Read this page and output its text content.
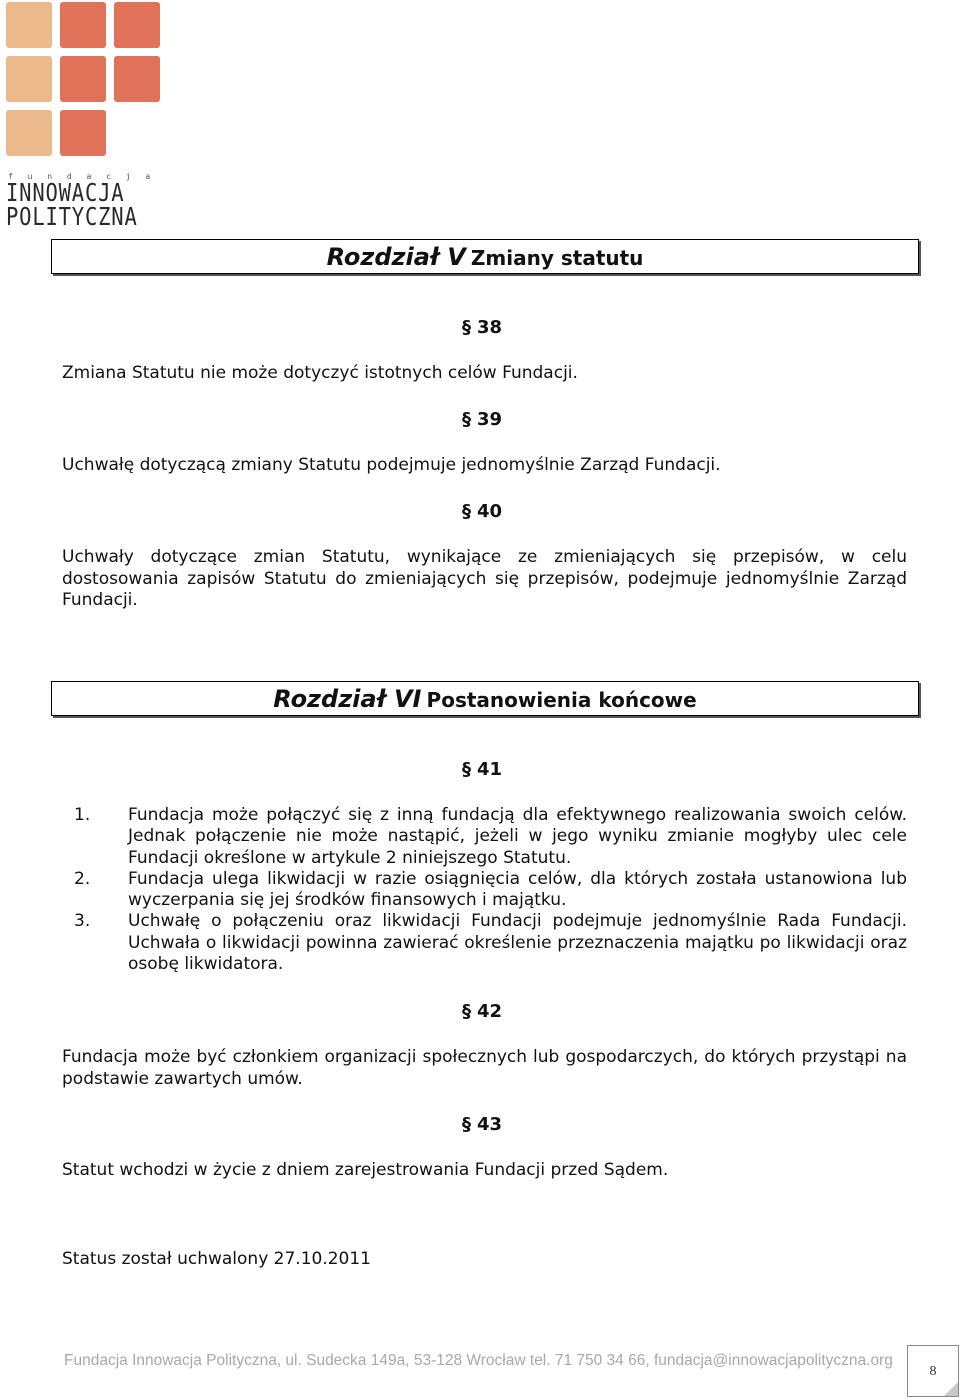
f u n d a c j a
INNOWACJA
POLITYCZNA
Rozdział V Zmiany statutu
§ 38
Zmiana Statutu nie może dotyczyć istotnych celów Fundacji.
§ 39
Uchwałę dotyczącą zmiany Statutu podejmuje jednomyślnie Zarząd Fundacji.
§ 40
Uchwały dotyczące zmian Statutu, wynikające ze zmieniających się przepisów, w celu dostosowania zapisów Statutu do zmieniających się przepisów, podejmuje jednomyślnie Zarząd Fundacji.
Rozdział VI Postanowienia końcowe
§ 41
1. Fundacja może połączyć się z inną fundacją dla efektywnego realizowania swoich celów. Jednak połączenie nie może nastąpić, jeżeli w jego wyniku zmianie mogłyby ulec cele Fundacji określone w artykule 2 niniejszego Statutu.
2. Fundacja ulega likwidacji w razie osiągnięcia celów, dla których została ustanowiona lub wyczerpania się jej środków finansowych i majątku.
3. Uchwałę o połączeniu oraz likwidacji Fundacji podejmuje jednomyślnie Rada Fundacji. Uchwała o likwidacji powinna zawierać określenie przeznaczenia majątku po likwidacji oraz osobę likwidatora.
§ 42
Fundacja może być członkiem organizacji społecznych lub gospodarczych, do których przystąpi na podstawie zawartych umów.
§ 43
Statut wchodzi w życie z dniem zarejestrowania Fundacji przed Sądem.
Status został uchwalony 27.10.2011
Fundacja Innowacja Polityczna, ul. Sudecka 149a, 53-128 Wrocław tel. 71 750 34 66, fundacja@innowacjapolityczna.org
8
